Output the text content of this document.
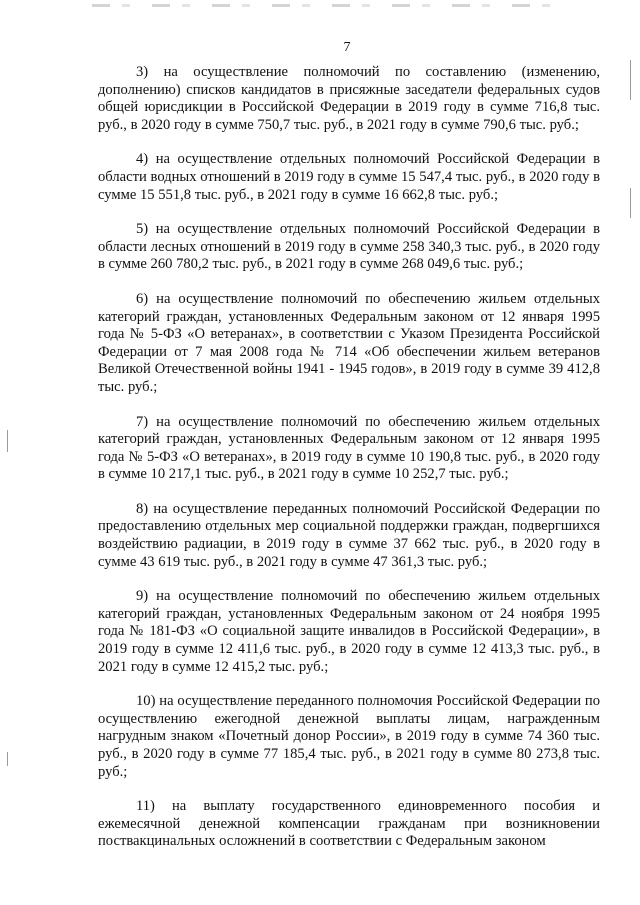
7

3) на осуществление полномочий по составлению (изменению, дополнению) списков кандидатов в присяжные заседатели федеральных судов общей юрисдикции в Российской Федерации в 2019 году в сумме 716,8 тыс. руб., в 2020 году в сумме 750,7 тыс. руб., в 2021 году в сумме 790,6 тыс. руб.;

4) на осуществление отдельных полномочий Российской Федерации в области водных отношений в 2019 году в сумме 15 547,4 тыс. руб., в 2020 году в сумме 15 551,8 тыс. руб., в 2021 году в сумме 16 662,8 тыс. руб.;

5) на осуществление отдельных полномочий Российской Федерации в области лесных отношений в 2019 году в сумме 258 340,3 тыс. руб., в 2020 году в сумме 260 780,2 тыс. руб., в 2021 году в сумме 268 049,6 тыс. руб.;

6) на осуществление полномочий по обеспечению жильем отдельных категорий граждан, установленных Федеральным законом от 12 января 1995 года № 5-ФЗ «О ветеранах», в соответствии с Указом Президента Российской Федерации от 7 мая 2008 года № 714 «Об обеспечении жильем ветеранов Великой Отечественной войны 1941 - 1945 годов», в 2019 году в сумме 39 412,8 тыс. руб.;

7) на осуществление полномочий по обеспечению жильем отдельных категорий граждан, установленных Федеральным законом от 12 января 1995 года № 5-ФЗ «О ветеранах», в 2019 году в сумме 10 190,8 тыс. руб., в 2020 году в сумме 10 217,1 тыс. руб., в 2021 году в сумме 10 252,7 тыс. руб.;

8) на осуществление переданных полномочий Российской Федерации по предоставлению отдельных мер социальной поддержки граждан, подвергшихся воздействию радиации, в 2019 году в сумме 37 662 тыс. руб., в 2020 году в сумме 43 619 тыс. руб., в 2021 году в сумме 47 361,3 тыс. руб.;

9) на осуществление полномочий по обеспечению жильем отдельных категорий граждан, установленных Федеральным законом от 24 ноября 1995 года № 181-ФЗ «О социальной защите инвалидов в Российской Федерации», в 2019 году в сумме 12 411,6 тыс. руб., в 2020 году в сумме 12 413,3 тыс. руб., в 2021 году в сумме 12 415,2 тыс. руб.;

10) на осуществление переданного полномочия Российской Федерации по осуществлению ежегодной денежной выплаты лицам, награжденным нагрудным знаком «Почетный донор России», в 2019 году в сумме 74 360 тыс. руб., в 2020 году в сумме 77 185,4 тыс. руб., в 2021 году в сумме 80 273,8 тыс. руб.;

11) на выплату государственного единовременного пособия и ежемесячной денежной компенсации гражданам при возникновении поствакцинальных осложнений в соответствии с Федеральным законом
